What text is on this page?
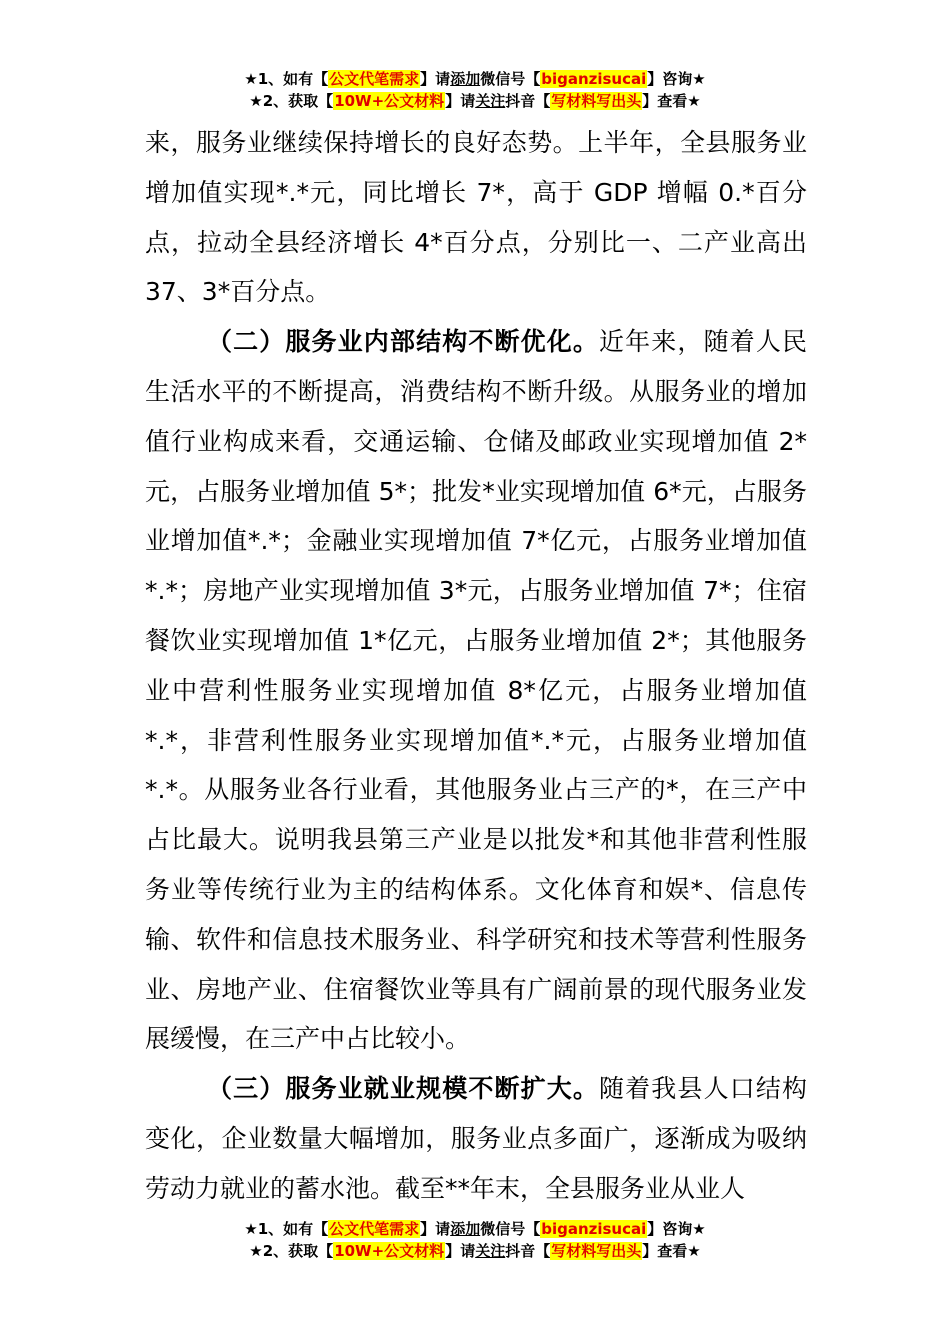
★1、如有【公文代笔需求】请添加微信号【biganzisucai】咨询★
★2、获取【10W+公文材料】请关注抖音【写材料写出头】查看★

来，服务业继续保持增长的良好态势。上半年，全县服务业增加值实现*.*元，同比增长 7*，高于 GDP 增幅 0.*百分点，拉动全县经济增长 4*百分点，分别比一、二产业高出 37、3*百分点。

（二）服务业内部结构不断优化。近年来，随着人民生活水平的不断提高，消费结构不断升级。从服务业的增加值行业构成来看，交通运输、仓储及邮政业实现增加值 2*元，占服务业增加值 5*；批发*业实现增加值 6*元，占服务业增加值*.*；金融业实现增加值 7*亿元，占服务业增加值*.*；房地产业实现增加值 3*元，占服务业增加值 7*；住宿餐饮业实现增加值 1*亿元，占服务业增加值 2*；其他服务业中营利性服务业实现增加值 8*亿元，占服务业增加值*.*，非营利性服务业实现增加值*.*元，占服务业增加值*.*。从服务业各行业看，其他服务业占三产的*，在三产中占比最大。说明我县第三产业是以批发*和其他非营利性服务业等传统行业为主的结构体系。文化体育和娱*、信息传输、软件和信息技术服务业、科学研究和技术等营利性服务业、房地产业、住宿餐饮业等具有广阔前景的现代服务业发展缓慢，在三产中占比较小。

（三）服务业就业规模不断扩大。随着我县人口结构变化，企业数量大幅增加，服务业点多面广，逐渐成为吸纳劳动力就业的蓄水池。截至**年末，全县服务业从业人

★1、如有【公文代笔需求】请添加微信号【biganzisucai】咨询★
★2、获取【10W+公文材料】请关注抖音【写材料写出头】查看★
